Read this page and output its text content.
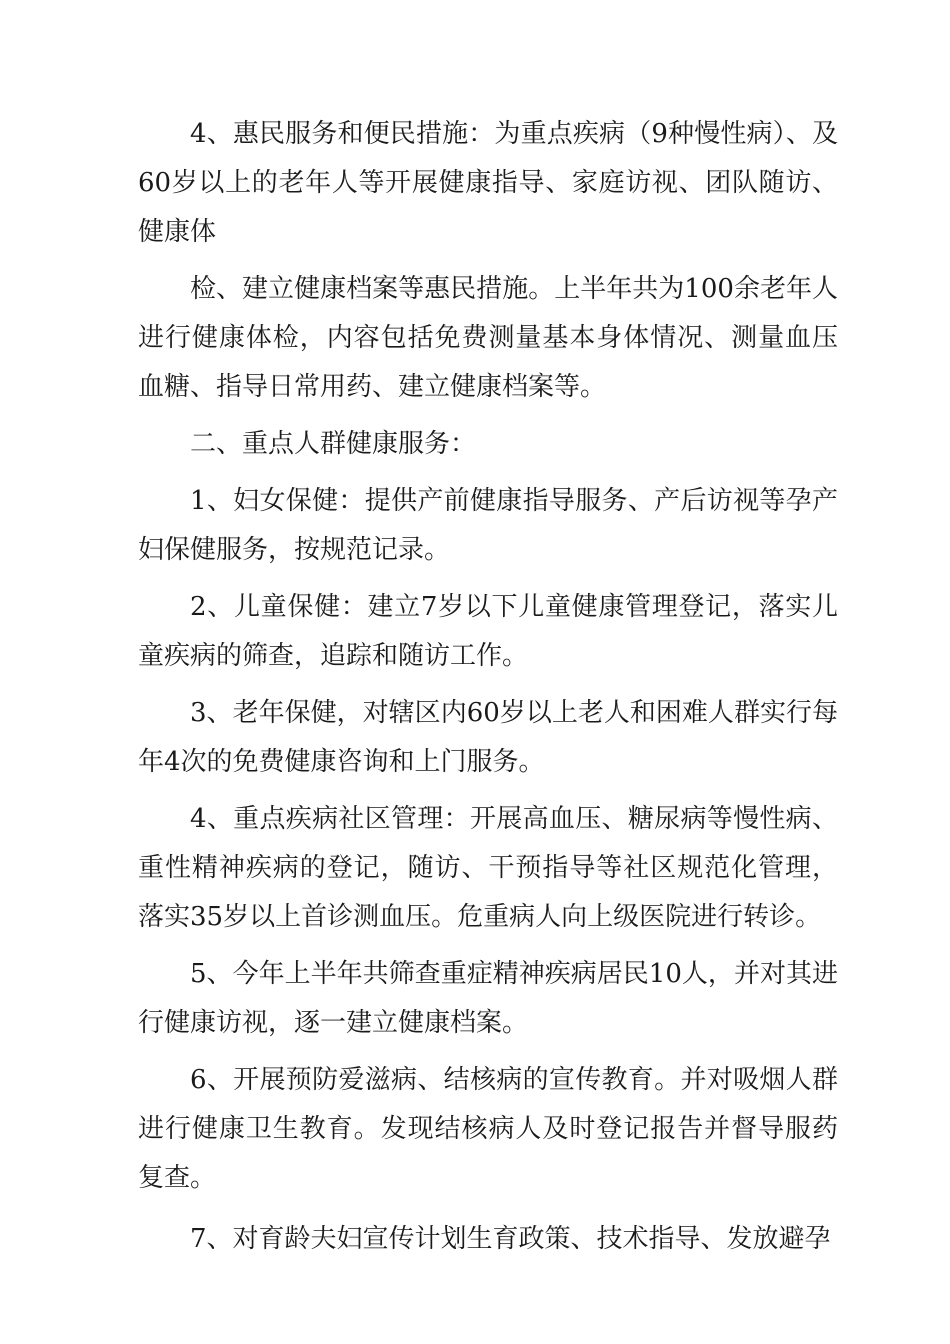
4、惠民服务和便民措施：为重点疾病（9种慢性病）、及60岁以上的老年人等开展健康指导、家庭访视、团队随访、健康体

检、建立健康档案等惠民措施。上半年共为100余老年人进行健康体检，内容包括免费测量基本身体情况、测量血压血糖、指导日常用药、建立健康档案等。

二、重点人群健康服务：

1、妇女保健：提供产前健康指导服务、产后访视等孕产妇保健服务，按规范记录。

2、儿童保健：建立7岁以下儿童健康管理登记，落实儿童疾病的筛查，追踪和随访工作。

3、老年保健，对辖区内60岁以上老人和困难人群实行每年4次的免费健康咨询和上门服务。

4、重点疾病社区管理：开展高血压、糖尿病等慢性病、重性精神疾病的登记，随访、干预指导等社区规范化管理，落实35岁以上首诊测血压。危重病人向上级医院进行转诊。

5、今年上半年共筛查重症精神疾病居民10人，并对其进行健康访视，逐一建立健康档案。

6、开展预防爱滋病、结核病的宣传教育。并对吸烟人群进行健康卫生教育。发现结核病人及时登记报告并督导服药复查。

7、对育龄夫妇宣传计划生育政策、技术指导、发放避孕
